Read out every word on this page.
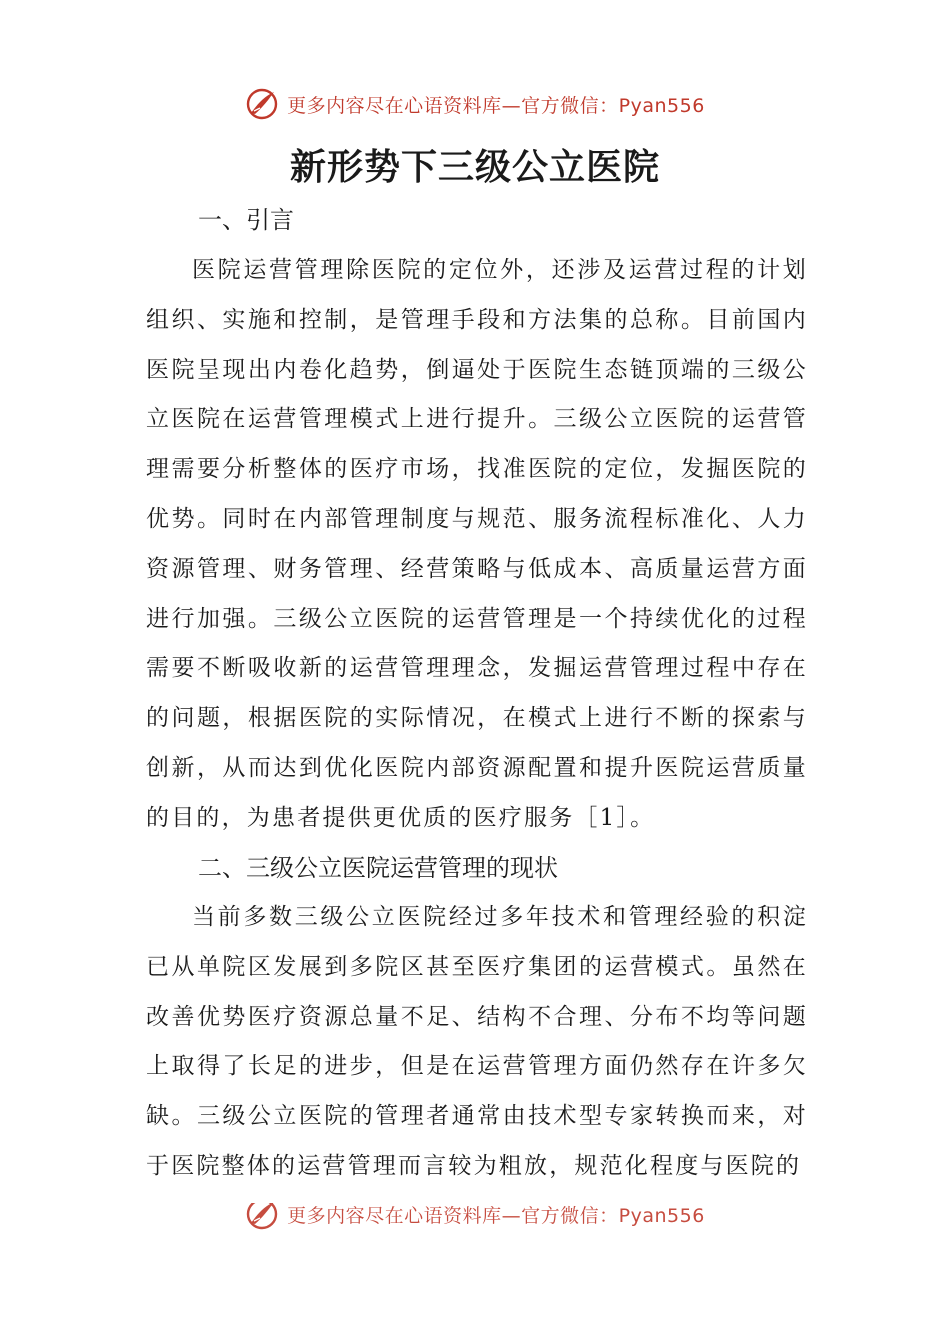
更多内容尽在心语资料库—官方微信：Pyan556
新形势下三级公立医院
一、引言

医院运营管理除医院的定位外，还涉及运营过程的计划组织、实施和控制，是管理手段和方法集的总称。目前国内医院呈现出内卷化趋势，倒逼处于医院生态链顶端的三级公立医院在运营管理模式上进行提升。三级公立医院的运营管理需要分析整体的医疗市场，找准医院的定位，发掘医院的优势。同时在内部管理制度与规范、服务流程标准化、人力资源管理、财务管理、经营策略与低成本、高质量运营方面进行加强。三级公立医院的运营管理是一个持续优化的过程需要不断吸收新的运营管理理念，发掘运营管理过程中存在的问题，根据医院的实际情况，在模式上进行不断的探索与创新，从而达到优化医院内部资源配置和提升医院运营质量的目的，为患者提供更优质的医疗服务［1］。

二、三级公立医院运营管理的现状

当前多数三级公立医院经过多年技术和管理经验的积淀已从单院区发展到多院区甚至医疗集团的运营模式。虽然在改善优势医疗资源总量不足、结构不合理、分布不均等问题上取得了长足的进步，但是在运营管理方面仍然存在许多欠缺。三级公立医院的管理者通常由技术型专家转换而来，对于医院整体的运营管理而言较为粗放，规范化程度与医院的

更多内容尽在心语资料库—官方微信：Pyan556
